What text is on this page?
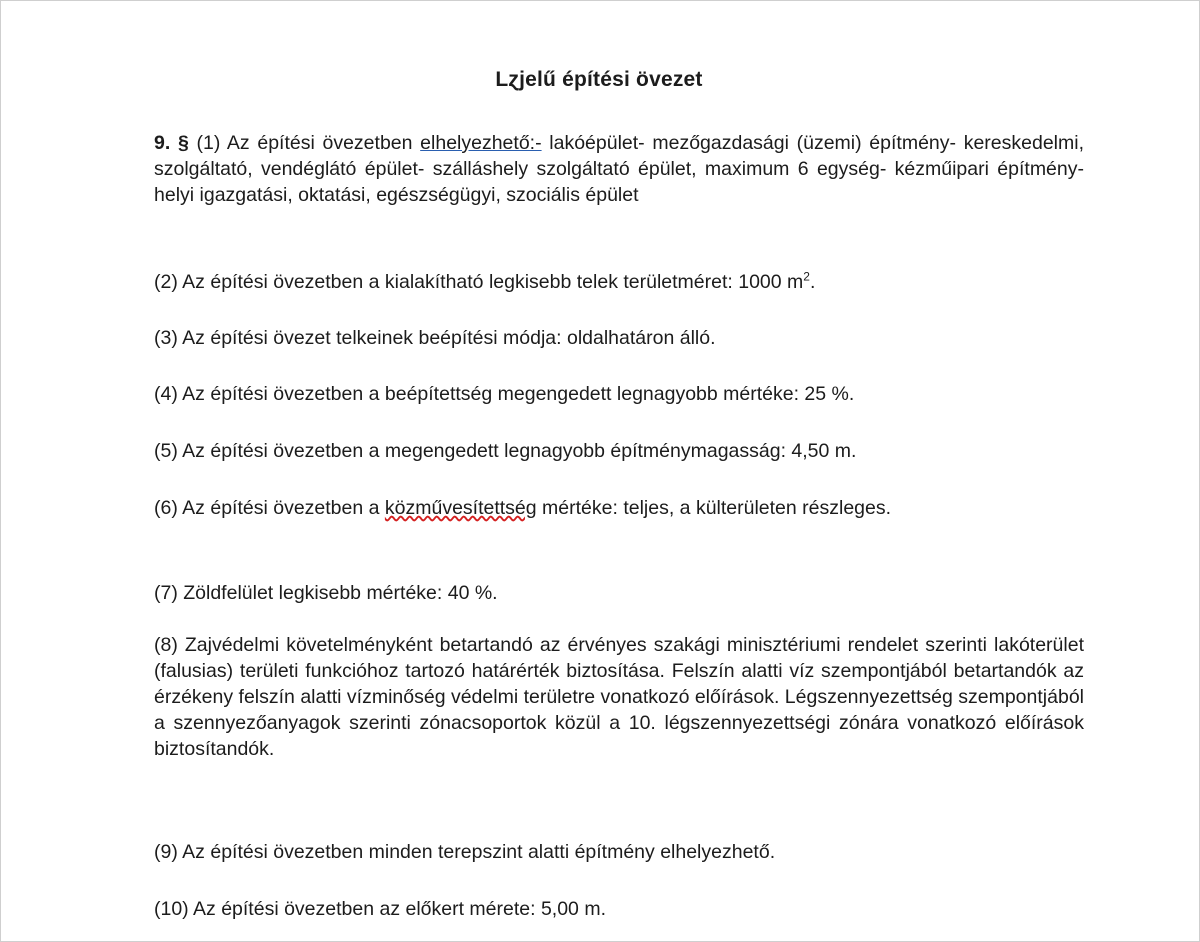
Lɀjelű építési övezet
9. § (1) Az építési övezetben elhelyezhető:- lakóépület- mezőgazdasági (üzemi) építmény- kereskedelmi, szolgáltató, vendéglátó épület- szálláshely szolgáltató épület, maximum 6 egység- kézműipari építmény- helyi igazgatási, oktatási, egészségügyi, szociális épület
(2) Az építési övezetben a kialakítható legkisebb telek területméret: 1000 $m^2$.
(3) Az építési övezet telkeinek beépítési módja: oldalhatáron álló.
(4) Az építési övezetben a beépítettség megengedett legnagyobb mértéke: 25 %.
(5) Az építési övezetben a megengedett legnagyobb építménymagasság: 4,50 m.
(6) Az építési övezetben a közművesítettség mértéke: teljes, a külterületen részleges.
(7) Zöldfelület legkisebb mértéke: 40 %.
(8) Zajvédelmi követelményként betartandó az érvényes szakági minisztériumi rendelet szerinti lakóterület (falusias) területi funkcióhoz tartozó határérték biztosítása. Felszín alatti víz szempontjából betartandók az érzékeny felszín alatti vízminőség védelmi területre vonatkozó előírások. Légszennyezettség szempontjából a szennyezőanyagok szerinti zónacsoportok közül a 10. légszennyezettségi zónára vonatkozó előírások biztosítandók.
(9) Az építési övezetben minden terepszint alatti építmény elhelyezhető.
(10) Az építési övezetben az előkert mérete: 5,00 m.
